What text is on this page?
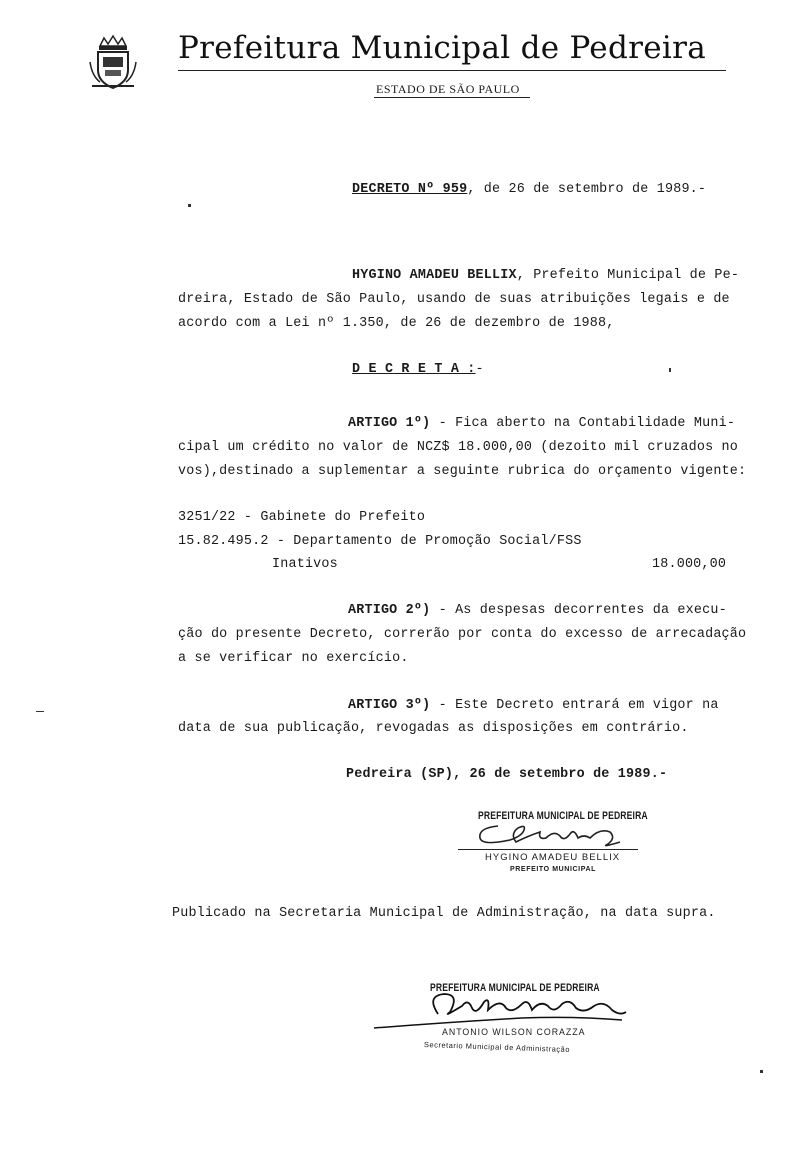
Prefeitura Municipal de Pedreira
ESTADO DE SÃO PAULO
DECRETO Nº 959, de 26 de setembro de 1989.-
HYGINO AMADEU BELLIX, Prefeito Municipal de Pe-
dreira, Estado de São Paulo, usando de suas atribuições legais e de
acordo com a Lei nº 1.350, de 26 de dezembro de 1988,
D E C R E T A :-
ARTIGO 1º) - Fica aberto na Contabilidade Muni-
cipal um crédito no valor de NCZ$ 18.000,00 (dezoito mil cruzados no
vos),destinado a suplementar a seguinte rubrica do orçamento vigente:
3251/22 - Gabinete do Prefeito
15.82.495.2 - Departamento de Promoção Social/FSS
Inativos	18.000,00
ARTIGO 2º) - As despesas decorrentes da execu-
ção do presente Decreto, correrão por conta do excesso de arrecadação
a se verificar no exercício.
ARTIGO 3º) - Este Decreto entrará em vigor na
data de sua publicação, revogadas as disposições em contrário.
Pedreira (SP), 26 de setembro de 1989.-
PREFEITURA MUNICIPAL DE PEDREIRA
HYGINO AMADEU BELLIX
PREFEITO MUNICIPAL
Publicado na Secretaria Municipal de Administração, na data supra.
PREFEITURA MUNICIPAL DE PEDREIRA
ANTONIO WILSON CORAZZA
Secretario Municipal de Administração
